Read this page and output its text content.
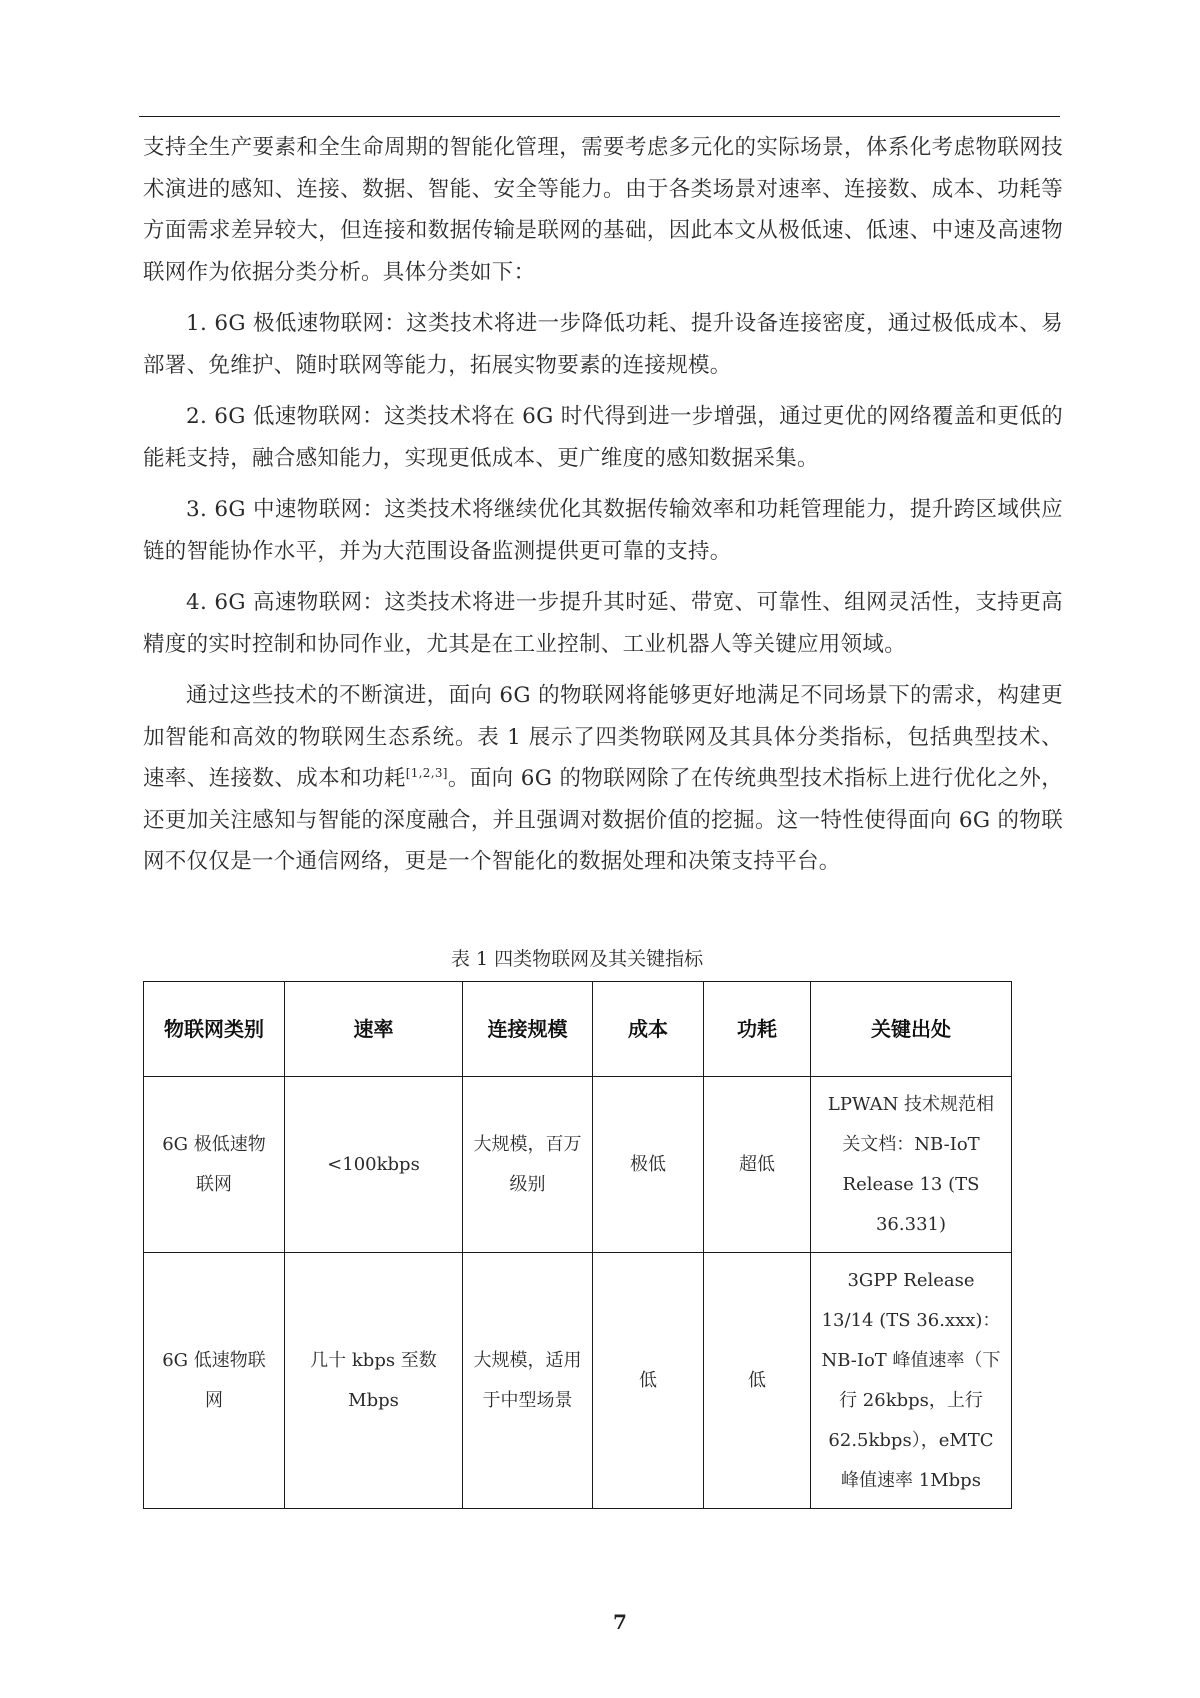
支持全生产要素和全生命周期的智能化管理，需要考虑多元化的实际场景，体系化考虑物联网技术演进的感知、连接、数据、智能、安全等能力。由于各类场景对速率、连接数、成本、功耗等方面需求差异较大，但连接和数据传输是联网的基础，因此本文从极低速、低速、中速及高速物联网作为依据分类分析。具体分类如下：

1. 6G 极低速物联网：这类技术将进一步降低功耗、提升设备连接密度，通过极低成本、易部署、免维护、随时联网等能力，拓展实物要素的连接规模。

2. 6G 低速物联网：这类技术将在 6G 时代得到进一步增强，通过更优的网络覆盖和更低的能耗支持，融合感知能力，实现更低成本、更广维度的感知数据采集。

3. 6G 中速物联网：这类技术将继续优化其数据传输效率和功耗管理能力，提升跨区域供应链的智能协作水平，并为大范围设备监测提供更可靠的支持。

4. 6G 高速物联网：这类技术将进一步提升其时延、带宽、可靠性、组网灵活性，支持更高精度的实时控制和协同作业，尤其是在工业控制、工业机器人等关键应用领域。

通过这些技术的不断演进，面向 6G 的物联网将能够更好地满足不同场景下的需求，构建更加智能和高效的物联网生态系统。表 1 展示了四类物联网及其具体分类指标，包括典型技术、速率、连接数、成本和功耗[1,2,3]。面向 6G 的物联网除了在传统典型技术指标上进行优化之外，还更加关注感知与智能的深度融合，并且强调对数据价值的挖掘。这一特性使得面向 6G 的物联网不仅仅是一个通信网络，更是一个智能化的数据处理和决策支持平台。

表 1 四类物联网及其关键指标
物联网类别	速率	连接规模	成本	功耗	关键出处
6G 极低速物联网	<100kbps	大规模，百万级别	极低	超低	LPWAN 技术规范相关文档：NB-IoT Release 13 (TS 36.331)
6G 低速物联网	几十 kbps 至数 Mbps	大规模，适用于中型场景	低	低	3GPP Release 13/14 (TS 36.xxx)：NB-IoT 峰值速率（下行 26kbps，上行 62.5kbps），eMTC 峰值速率 1Mbps
7
